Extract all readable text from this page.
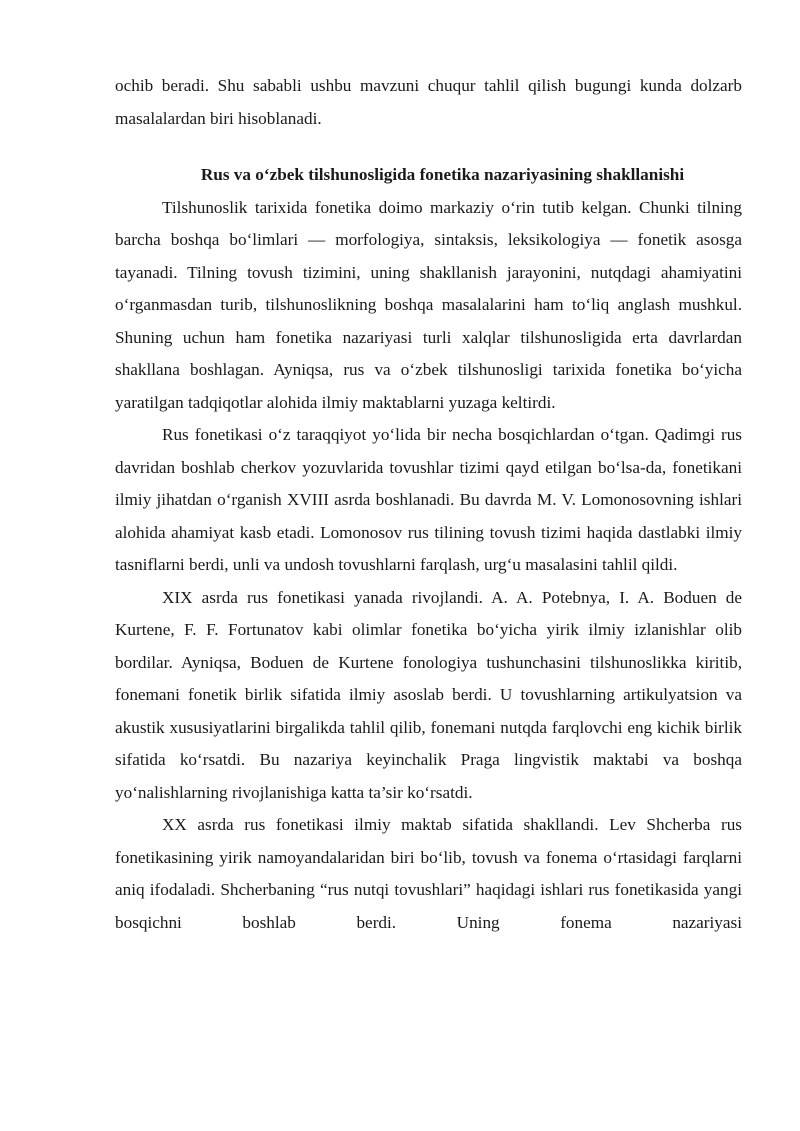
ochib beradi. Shu sababli ushbu mavzuni chuqur tahlil qilish bugungi kunda dolzarb masalalardan biri hisoblanadi.

Rus va o‘zbek tilshunosligida fonetika nazariyasining shakllanishi

Tilshunoslik tarixida fonetika doimo markaziy o‘rin tutib kelgan. Chunki tilning barcha boshqa bo‘limlari — morfologiya, sintaksis, leksikologiya — fonetik asosga tayanadi. Tilning tovush tizimini, uning shakllanish jarayonini, nutqdagi ahamiyatini o‘rganmasdan turib, tilshunoslikning boshqa masalalarini ham to‘liq anglash mushkul. Shuning uchun ham fonetika nazariyasi turli xalqlar tilshunosligida erta davrlardan shakllana boshlagan. Ayniqsa, rus va o‘zbek tilshunosligi tarixida fonetika bo‘yicha yaratilgan tadqiqotlar alohida ilmiy maktablarni yuzaga keltirdi.

Rus fonetikasi o‘z taraqqiyot yo‘lida bir necha bosqichlardan o‘tgan. Qadimgi rus davridan boshlab cherkov yozuvlarida tovushlar tizimi qayd etilgan bo‘lsa-da, fonetikani ilmiy jihatdan o‘rganish XVIII asrda boshlanadi. Bu davrda M. V. Lomonosovning ishlari alohida ahamiyat kasb etadi. Lomonosov rus tilining tovush tizimi haqida dastlabki ilmiy tasniflarni berdi, unli va undosh tovushlarni farqlash, urg‘u masalasini tahlil qildi.

XIX asrda rus fonetikasi yanada rivojlandi. A. A. Potebnya, I. A. Boduen de Kurtene, F. F. Fortunatov kabi olimlar fonetika bo‘yicha yirik ilmiy izlanishlar olib bordilar. Ayniqsa, Boduen de Kurtene fonologiya tushunchasini tilshunoslikka kiritib, fonemani fonetik birlik sifatida ilmiy asoslab berdi. U tovushlarning artikulyatsion va akustik xususiyatlarini birgalikda tahlil qilib, fonemani nutqda farqlovchi eng kichik birlik sifatida ko‘rsatdi. Bu nazariya keyinchalik Praga lingvistik maktabi va boshqa yo‘nalishlarning rivojlanishiga katta ta’sir ko‘rsatdi.

XX asrda rus fonetikasi ilmiy maktab sifatida shakllandi. Lev Shcherba rus fonetikasining yirik namoyandalaridan biri bo‘lib, tovush va fonema o‘rtasidagi farqlarni aniq ifodaladi. Shcherbaning “rus nutqi tovushlari” haqidagi ishlari rus fonetikasida yangi bosqichni boshlab berdi. Uning fonema nazariyasi
